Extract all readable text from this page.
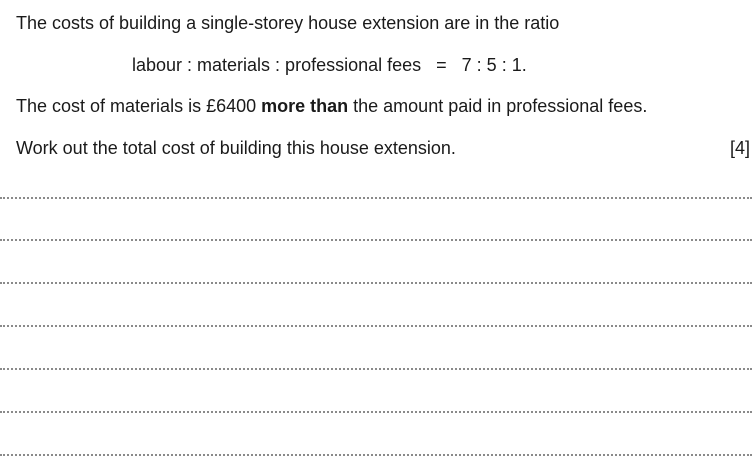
The costs of building a single-storey house extension are in the ratio
labour : materials : professional fees = 7 : 5 : 1.
The cost of materials is £6400 more than the amount paid in professional fees.
Work out the total cost of building this house extension.	[4]
